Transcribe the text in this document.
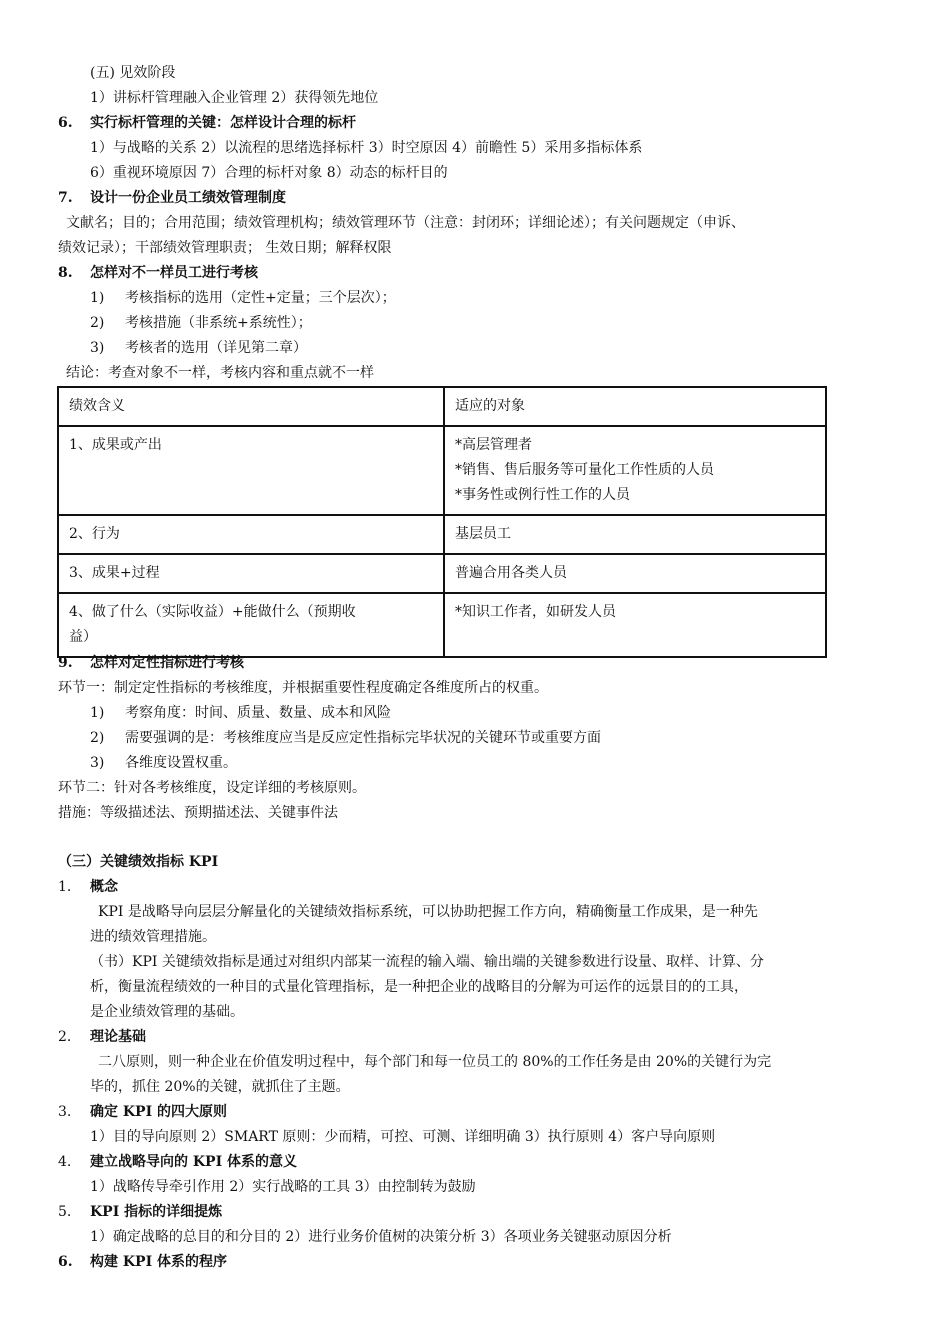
(五) 见效阶段
1）讲标杆管理融入企业管理 2）获得领先地位
6. 实行标杆管理的关键：怎样设计合理的标杆
1）与战略的关系 2）以流程的思绪选择标杆 3）时空原因 4）前瞻性 5）采用多指标体系
6）重视环境原因 7）合理的标杆对象 8）动态的标杆目的
7. 设计一份企业员工绩效管理制度
文献名；目的；合用范围；绩效管理机构；绩效管理环节（注意：封闭环；详细论述）；有关问题规定（申诉、
绩效记录）；干部绩效管理职责； 生效日期；解释权限
8. 怎样对不一样员工进行考核
1) 考核指标的选用（定性+定量；三个层次）；
2) 考核措施（非系统+系统性）；
3) 考核者的选用（详见第二章）
结论：考查对象不一样，考核内容和重点就不一样
绩效含义	适应的对象

1、成果或产出	*高层管理者
*销售、售后服务等可量化工作性质的人员
*事务性或例行性工作的人员

2、行为	基层员工

3、成果+过程	普遍合用各类人员

4、做了什么（实际收益）+能做什么（预期收
益）	*知识工作者，如研发人员
9. 怎样对定性指标进行考核
环节一：制定定性指标的考核维度，并根据重要性程度确定各维度所占的权重。
1) 考察角度：时间、质量、数量、成本和风险
2) 需要强调的是：考核维度应当是反应定性指标完毕状况的关键环节或重要方面
3) 各维度设置权重。
环节二：针对各考核维度，设定详细的考核原则。
措施：等级描述法、预期描述法、关键事件法
（三）关键绩效指标 KPI
1. 概念
KPI 是战略导向层层分解量化的关键绩效指标系统，可以协助把握工作方向，精确衡量工作成果，是一种先
进的绩效管理措施。
（书）KPI 关键绩效指标是通过对组织内部某一流程的输入端、输出端的关键参数进行设量、取样、计算、分
析，衡量流程绩效的一种目的式量化管理指标，是一种把企业的战略目的分解为可运作的远景目的的工具，
是企业绩效管理的基础。
2. 理论基础
二八原则，则一种企业在价值发明过程中，每个部门和每一位员工的 80%的工作任务是由 20%的关键行为完
毕的，抓住 20%的关键，就抓住了主题。
3. 确定 KPI 的四大原则
1）目的导向原则 2）SMART 原则：少而精，可控、可测、详细明确 3）执行原则 4）客户导向原则
4. 建立战略导向的 KPI 体系的意义
1）战略传导牵引作用 2）实行战略的工具 3）由控制转为鼓励
5. KPI 指标的详细提炼
1）确定战略的总目的和分目的 2）进行业务价值树的决策分析 3）各项业务关键驱动原因分析
6. 构建 KPI 体系的程序
